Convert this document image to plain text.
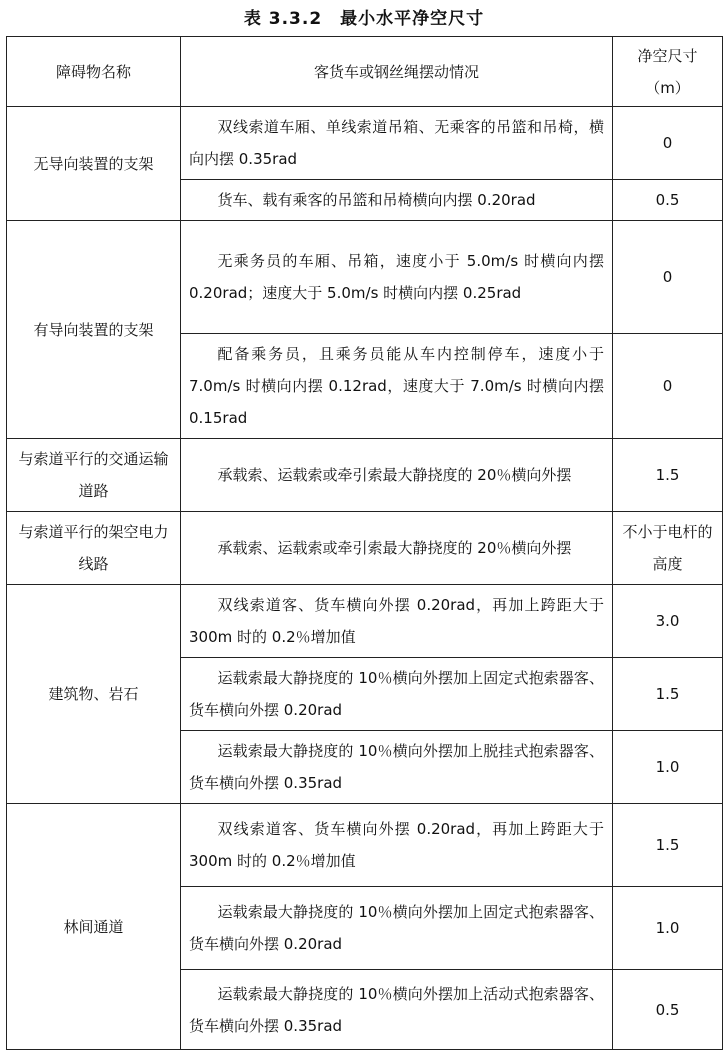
表 3.3.2　最小水平净空尺寸
障碍物名称	客货车或钢丝绳摆动情况	净空尺寸
（m）
无导向装置的支架	双线索道车厢、单线索道吊箱、无乘客的吊篮和吊椅，横向内摆 0.35rad	0
	货车、载有乘客的吊篮和吊椅横向内摆 0.20rad	0.5
有导向装置的支架	无乘务员的车厢、吊箱，速度小于 5.0m/s 时横向内摆 0.20rad；速度大于 5.0m/s 时横向内摆 0.25rad	0
	配备乘务员，且乘务员能从车内控制停车，速度小于 7.0m/s 时横向内摆 0.12rad，速度大于 7.0m/s 时横向内摆 0.15rad	0
与索道平行的交通运输道路	承载索、运载索或牵引索最大静挠度的 20％横向外摆	1.5
与索道平行的架空电力线路	承载索、运载索或牵引索最大静挠度的 20％横向外摆	不小于电杆的高度
建筑物、岩石	双线索道客、货车横向外摆 0.20rad，再加上跨距大于 300m 时的 0.2％增加值	3.0
	运载索最大静挠度的 10％横向外摆加上固定式抱索器客、货车横向外摆 0.20rad	1.5
	运载索最大静挠度的 10％横向外摆加上脱挂式抱索器客、货车横向外摆 0.35rad	1.0
林间通道	双线索道客、货车横向外摆 0.20rad，再加上跨距大于 300m 时的 0.2％增加值	1.5
	运载索最大静挠度的 10％横向外摆加上固定式抱索器客、货车横向外摆 0.20rad	1.0
	运载索最大静挠度的 10％横向外摆加上活动式抱索器客、货车横向外摆 0.35rad	0.5
